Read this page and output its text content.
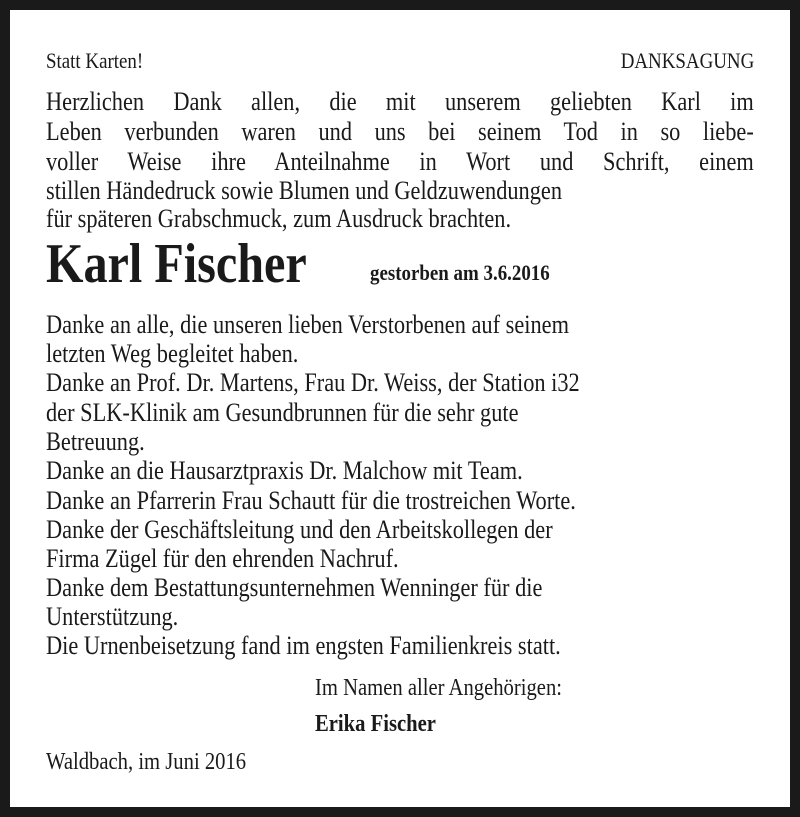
Statt Karten!	DANKSAGUNG
Herzlichen Dank allen, die mit unserem geliebten Karl im
Leben verbunden waren und uns bei seinem Tod in so liebe-
voller Weise ihre Anteilnahme in Wort und Schrift, einem
stillen Händedruck sowie Blumen und Geldzuwendungen
für späteren Grabschmuck, zum Ausdruck brachten.
Karl Fischer	gestorben am 3.6.2016
Danke an alle, die unseren lieben Verstorbenen auf seinem
letzten Weg begleitet haben.
Danke an Prof. Dr. Martens, Frau Dr. Weiss, der Station i32
der SLK-Klinik am Gesundbrunnen für die sehr gute
Betreuung.
Danke an die Hausarztpraxis Dr. Malchow mit Team.
Danke an Pfarrerin Frau Schautt für die trostreichen Worte.
Danke der Geschäftsleitung und den Arbeitskollegen der
Firma Zügel für den ehrenden Nachruf.
Danke dem Bestattungsunternehmen Wenninger für die
Unterstützung.
Die Urnenbeisetzung fand im engsten Familienkreis statt.
Im Namen aller Angehörigen:
Erika Fischer
Waldbach, im Juni 2016
